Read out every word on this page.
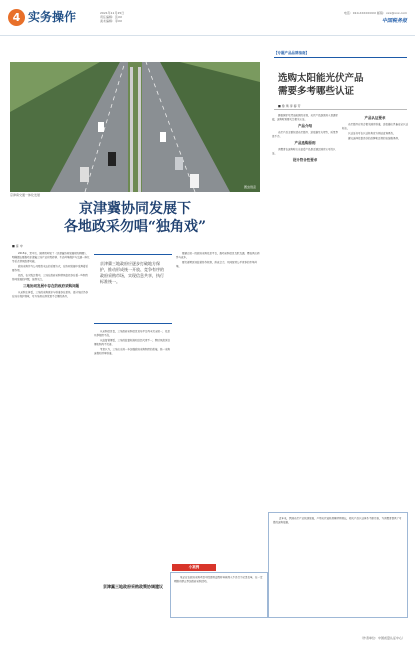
4 实务操作	2021年11月25日
责任编辑：张XX
美术编辑：李XX
电话：010-XXXXXXXX 邮箱：xxx@xxx.com
中国税务报
图虫创意
京津冀交通一体化发展
京津冀协同发展下
各地政采勿唱“独角戏”
■ 彦 中

2015年，党中央、国务院印发了《京津冀协同发展规划纲要》，明确提出要推动京津冀三地产业升级转移、生态环境保护与交通一体化等重点领域取得突破。

政府采购作为公共财政支出的重要方式，在协同发展中发挥着重要作用。

然而，在实践过程中，三地在政府采购领域依然存在着一些制约协同发展的问题，值得关注。

三地协同发展中存在的政府采购问题

从采购主体看，三地的采购需求与标准存在差异，部分地区仍存在地方保护现象，对外地供应商设置不合理的条件。

京津冀三地政府应逐步打破地方保护，推动形成统一开放、竞争有序的政府采购市场，实现信息共享，执行标准统一。

从采购信息看，三地政府采购信息发布平台尚未完全统一，信息共享程度不高。

从监督管理看，三地的监督标准和处罚尺度不一，跨区域投诉处理机制尚不完善。

笔者认为，三地应当进一步加强政府采购制度的衔接，统一采购流程和评审标准。

要建立统一的政府采购信息平台，推动采购信息互联互通，降低供应商参与成本。

要完善跨区域监管协作机制，形成合力，共同营造公平竞争的市场环境。

京津冀三地政府采购政策协调建议
【专题产品品牌指南】
选购太阳能光伏产品
需要多考哪些认证
■ 徐 琦 李 春 芳

随着国家对清洁能源的重视，光伏产品逐渐进入普通家庭，选购时需要关注相关认证。

产品介绍

光伏产品主要包括光伏组件、逆变器及支架等，质量参差不齐。

产品选购原则

消费者在选购时应当查看产品是否通过国家认可的认证。

设计符合性要求
产品认证要求

光伏组件应符合相关国家标准，逆变器应具备安全认证标志。

认证证书可在认证机构官方网站查询真伪。

建议选择信誉良好的品牌和正规的安装服务商。

近年来，我国光伏产业快速发展，户用光伏装机规模持续增长，相关产品认证体系不断完善，为消费者提供了可靠的选购依据。

小案例

某企业在政府采购项目中因提供虚假材料被列入不良行为记录名单，在一定期限内禁止参加政府采购活动。

（作者单位：中国质量认证中心）
